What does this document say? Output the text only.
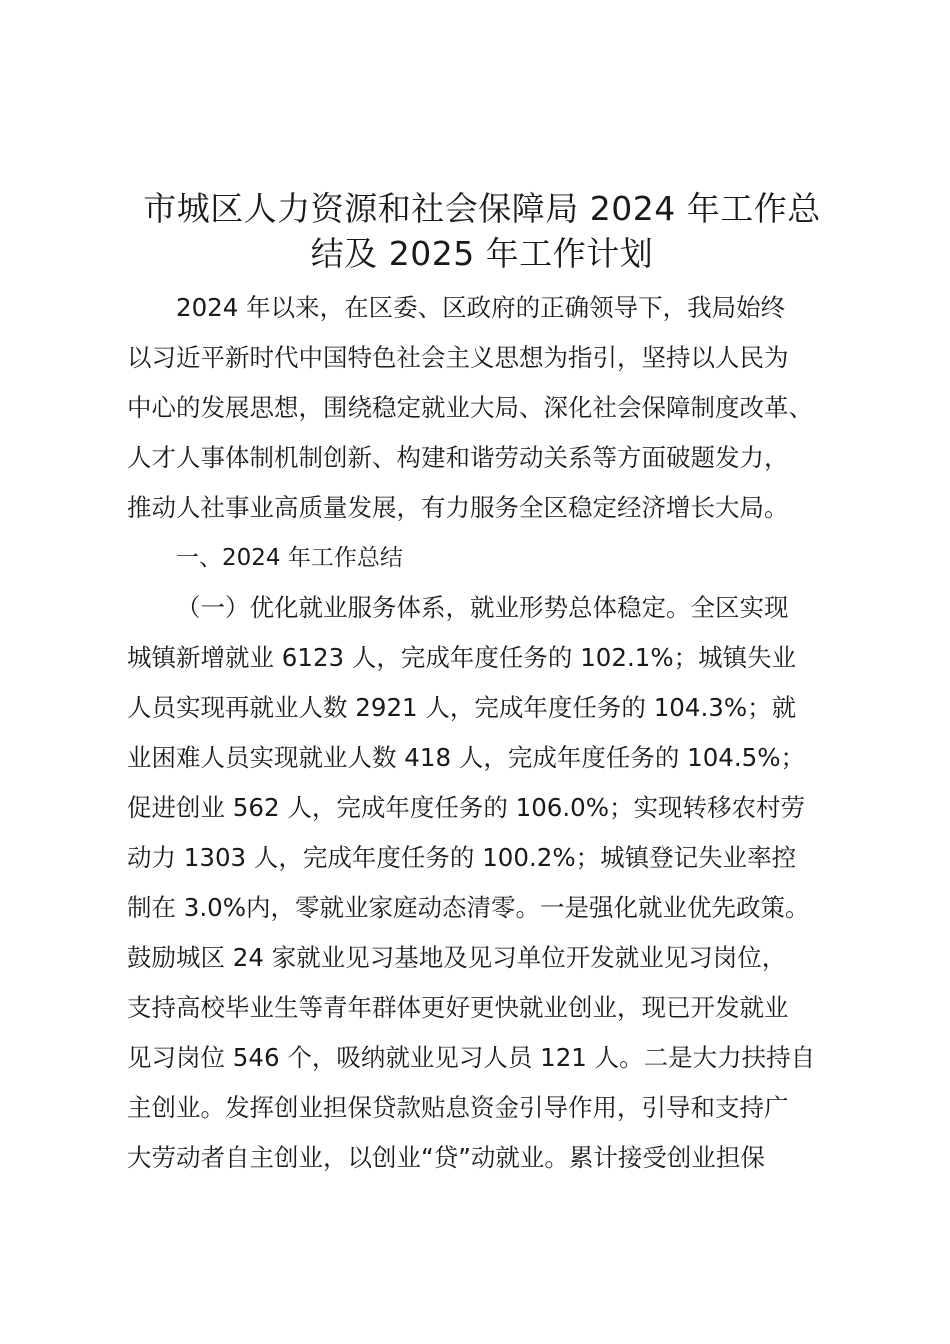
市城区人力资源和社会保障局 2024 年工作总
结及 2025 年工作计划

2024 年以来，在区委、区政府的正确领导下，我局始终
以习近平新时代中国特色社会主义思想为指引，坚持以人民为
中心的发展思想，围绕稳定就业大局、深化社会保障制度改革、
人才人事体制机制创新、构建和谐劳动关系等方面破题发力，
推动人社事业高质量发展，有力服务全区稳定经济增长大局。

一、2024 年工作总结

（一）优化就业服务体系，就业形势总体稳定。全区实现
城镇新增就业 6123 人，完成年度任务的 102.1%；城镇失业
人员实现再就业人数 2921 人，完成年度任务的 104.3%；就
业困难人员实现就业人数 418 人，完成年度任务的 104.5%；
促进创业 562 人，完成年度任务的 106.0%；实现转移农村劳
动力 1303 人，完成年度任务的 100.2%；城镇登记失业率控
制在 3.0%内，零就业家庭动态清零。一是强化就业优先政策。
鼓励城区 24 家就业见习基地及见习单位开发就业见习岗位，
支持高校毕业生等青年群体更好更快就业创业，现已开发就业
见习岗位 546 个，吸纳就业见习人员 121 人。二是大力扶持自
主创业。发挥创业担保贷款贴息资金引导作用，引导和支持广
大劳动者自主创业，以创业“贷”动就业。累计接受创业担保
